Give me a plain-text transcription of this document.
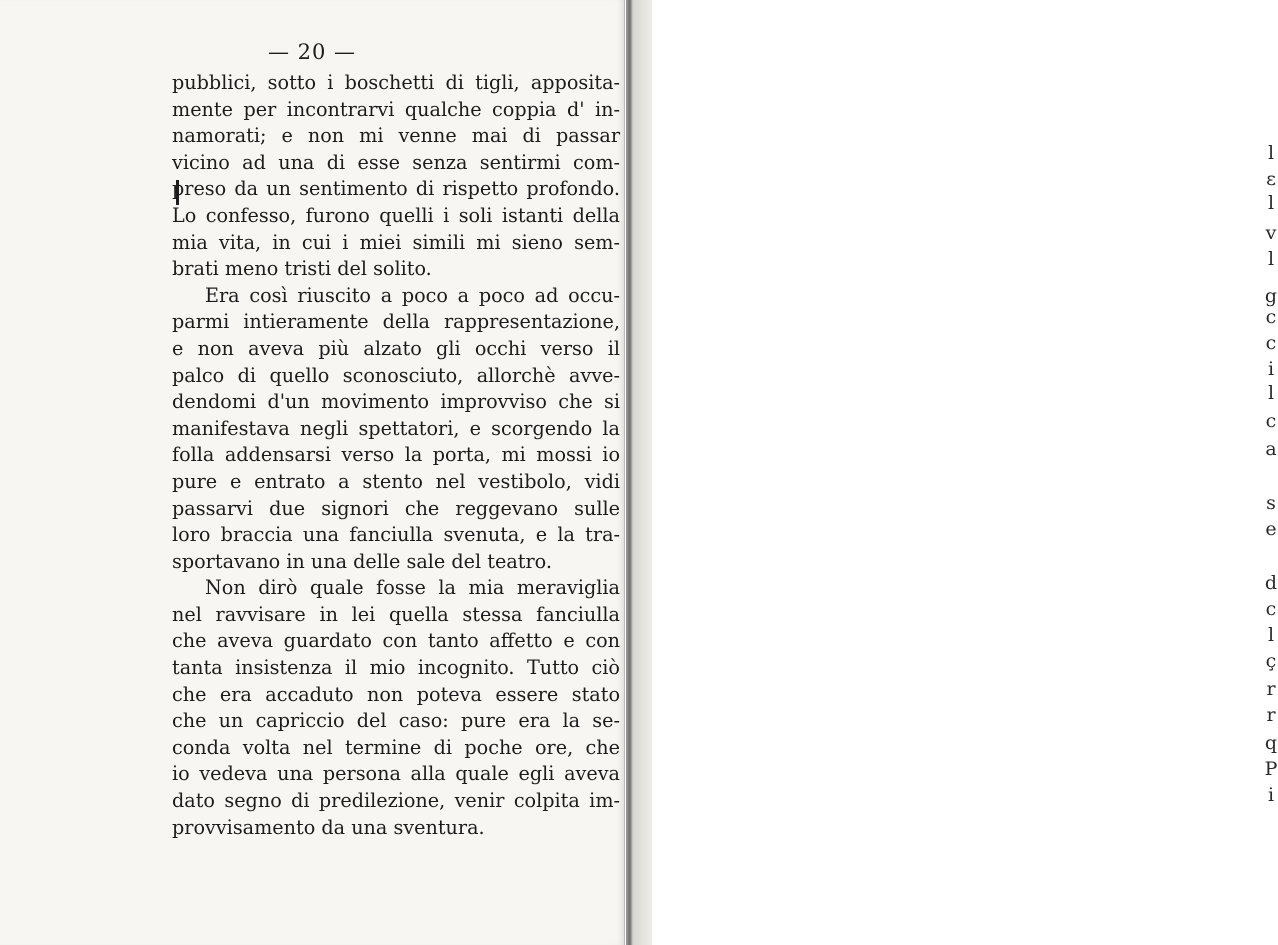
— 20 —
pubblici, sotto i boschetti di tigli, apposita-
mente per incontrarvi qualche coppia d' in-
namorati; e non mi venne mai di passar
vicino ad una di esse senza sentirmi com-
preso da un sentimento di rispetto profondo.
Lo confesso, furono quelli i soli istanti della
mia vita, in cui i miei simili mi sieno sem-
brati meno tristi del solito.
Era così riuscito a poco a poco ad occu-
parmi intieramente della rappresentazione,
e non aveva più alzato gli occhi verso il
palco di quello sconosciuto, allorchè avve-
dendomi d'un movimento improvviso che si
manifestava negli spettatori, e scorgendo la
folla addensarsi verso la porta, mi mossi io
pure e entrato a stento nel vestibolo, vidi
passarvi due signori che reggevano sulle
loro braccia una fanciulla svenuta, e la tra-
sportavano in una delle sale del teatro.
Non dirò quale fosse la mia meraviglia
nel ravvisare in lei quella stessa fanciulla
che aveva guardato con tanto affetto e con
tanta insistenza il mio incognito. Tutto ciò
che era accaduto non poteva essere stato
che un capriccio del caso: pure era la se-
conda volta nel termine di poche ore, che
io vedeva una persona alla quale egli aveva
dato segno di predilezione, venir colpita im-
provvisamento da una sventura.
l
ɛ
l
v
l
g
c
c
i
l
c
a
s
e
d
c
l
ç
r
r
q
P
i
